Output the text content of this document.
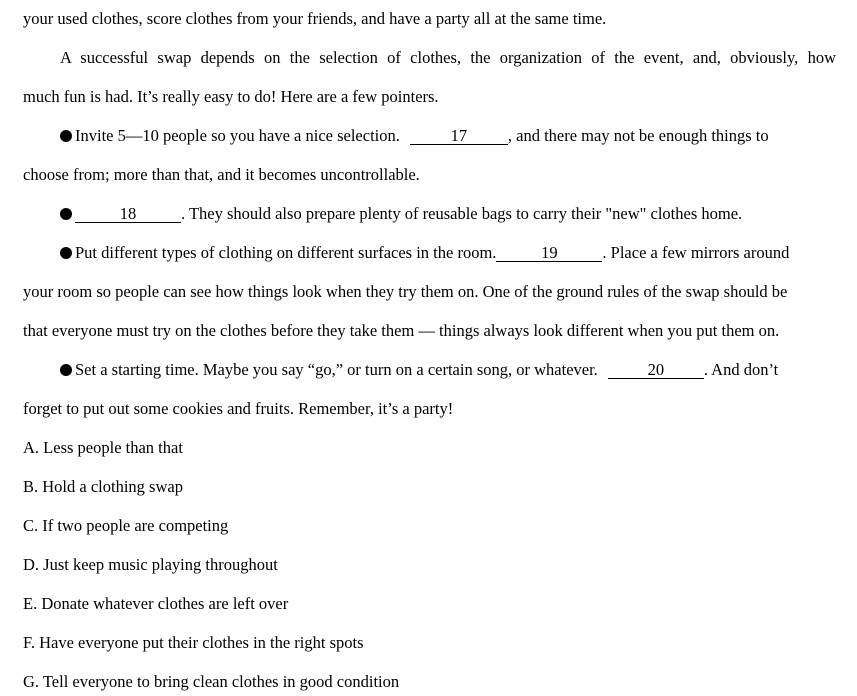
your used clothes, score clothes from your friends, and have a party all at the same time.
A successful swap depends on the selection of clothes, the organization of the event, and, obviously, how
much fun is had. It’s really easy to do! Here are a few pointers.
Invite 5—10 people so you have a nice selection.	17 , and there may not be enough things to
choose from; more than that, and it becomes uncontrollable.
18	. They should also prepare plenty of reusable bags to carry their "new" clothes home.
Put different types of clothing on different surfaces in the room.	19	. Place a few mirrors around
your room so people can see how things look when they try them on. One of the ground rules of the swap should be
that everyone must try on the clothes before they take them — things always look different when you put them on.
Set a starting time. Maybe you say “go,” or turn on a certain song, or whatever.	20 . And don’t
forget to put out some cookies and fruits. Remember, it’s a party!
A. Less people than that
B. Hold a clothing swap
C. If two people are competing
D. Just keep music playing throughout
E. Donate whatever clothes are left over
F. Have everyone put their clothes in the right spots
G. Tell everyone to bring clean clothes in good condition
